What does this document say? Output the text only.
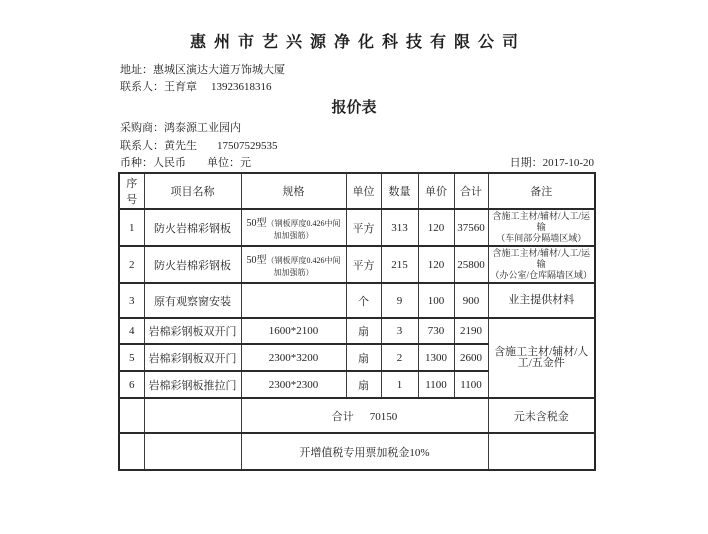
惠州市艺兴源净化科技有限公司
地址：惠城区演达大道万饰城大厦
联系人：王育章 13923618316
报价表
采购商：鸿泰源工业园内
联系人：黄先生 17507529535
币种：人民币 单位：元	日期：2017-10-20
序号	项目名称	规格	单位	数量	单价	合计	备注
1	防火岩棉彩钢板	50型（钢板厚度0.426中间加加强筋）	平方	313	120	37560	含施工主材/辅材/人工/运输
（车间部分隔墙区域）

2	防火岩棉彩钢板	50型（钢板厚度0.426中间加加强筋）	平方	215	120	25800	含施工主材/辅材/人工/运输
（办公室/仓库隔墙区域）

3	原有观察窗安装		个	9	100	900	业主提供材料
4	岩棉彩钢板双开门	1600*2100	扇	3	730	2190	含施工主材/辅材/人工/五金件
5	岩棉彩钢板双开门	2300*3200	扇	2	1300	2600	
6	岩棉彩钢板推拉门	2300*2300	扇	1	1100	1100	
		合计 70150					元未含税金
		开增值税专用票加税金10%					
